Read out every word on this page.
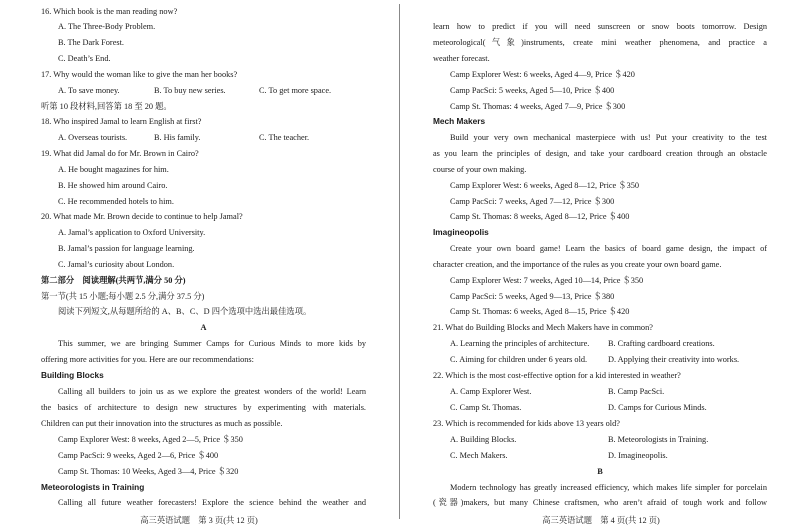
16. Which book is the man reading now?
A. The Three-Body Problem.
B. The Dark Forest.
C. Death’s End.
17. Why would the woman like to give the man her books?
A. To save money.	B. To buy new series.	C. To get more space.
听第 10 段材料,回答第 18 至 20 题。
18. Who inspired Jamal to learn English at first?
A. Overseas tourists.	B. His family.	C. The teacher.
19. What did Jamal do for Mr. Brown in Cairo?
A. He bought magazines for him.
B. He showed him around Cairo.
C. He recommended hotels to him.
20. What made Mr. Brown decide to continue to help Jamal?
A. Jamal’s application to Oxford University.
B. Jamal’s passion for language learning.
C. Jamal’s curiosity about London.
第二部分　阅读理解(共两节,满分 50 分)
第一节(共 15 小题;每小题 2.5 分,满分 37.5 分)
阅读下列短文,从每题所给的 A、B、C、D 四个选项中选出最佳选项。
A
This summer, we are bringing Summer Camps for Curious Minds to more kids by
offering more activities for you. Here are our recommendations:
Building Blocks
Calling all builders to join us as we explore the greatest wonders of the world! Learn
the basics of architecture to design new structures by experimenting with materials.
Children can put their innovation into the structures as much as possible.
Camp Explorer West: 8 weeks, Aged 2—5, Price ＄350
Camp PacSci: 9 weeks, Aged 2—6, Price ＄400
Camp St. Thomas: 10 Weeks, Aged 3—4, Price ＄320
Meteorologists in Training
Calling all future weather forecasters! Explore the science behind the weather and
高三英语试题　第 3 页(共 12 页)
learn how to predict if you will need sunscreen or snow boots tomorrow. Design
meteorological(气象)instruments, create mini weather phenomena, and practice a
weather forecast.
Camp Explorer West: 6 weeks, Aged 4—9, Price ＄420
Camp PacSci: 5 weeks, Aged 5—10, Price ＄400
Camp St. Thomas: 4 weeks, Aged 7—9, Price ＄300
Mech Makers
Build your very own mechanical masterpiece with us! Put your creativity to the test
as you learn the principles of design, and take your cardboard creation through an obstacle
course of your own making.
Camp Explorer West: 6 weeks, Aged 8—12, Price ＄350
Camp PacSci: 7 weeks, Aged 7—12, Price ＄300
Camp St. Thomas: 8 weeks, Aged 8—12, Price ＄400
Imagineopolis
Create your own board game! Learn the basics of board game design, the impact of
character creation, and the importance of the rules as you create your own board game.
Camp Explorer West: 7 weeks, Aged 10—14, Price ＄350
Camp PacSci: 5 weeks, Aged 9—13, Price ＄380
Camp St. Thomas: 6 weeks, Aged 8—15, Price ＄420
21. What do Building Blocks and Mech Makers have in common?
A. Learning the principles of architecture. B. Crafting cardboard creations.
C. Aiming for children under 6 years old.	D. Applying their creativity into works.
22. Which is the most cost-effective option for a kid interested in weather?
A. Camp Explorer West.	B. Camp PacSci.
C. Camp St. Thomas.	D. Camps for Curious Minds.
23. Which is recommended for kids above 13 years old?
A. Building Blocks.	B. Meteorologists in Training.
C. Mech Makers.	D. Imagineopolis.
B
Modern technology has greatly increased efficiency, which makes life simpler for porcelain
(瓷器)makers, but many Chinese craftsmen, who aren’t afraid of tough work and follow
高三英语试题　第 4 页(共 12 页)
